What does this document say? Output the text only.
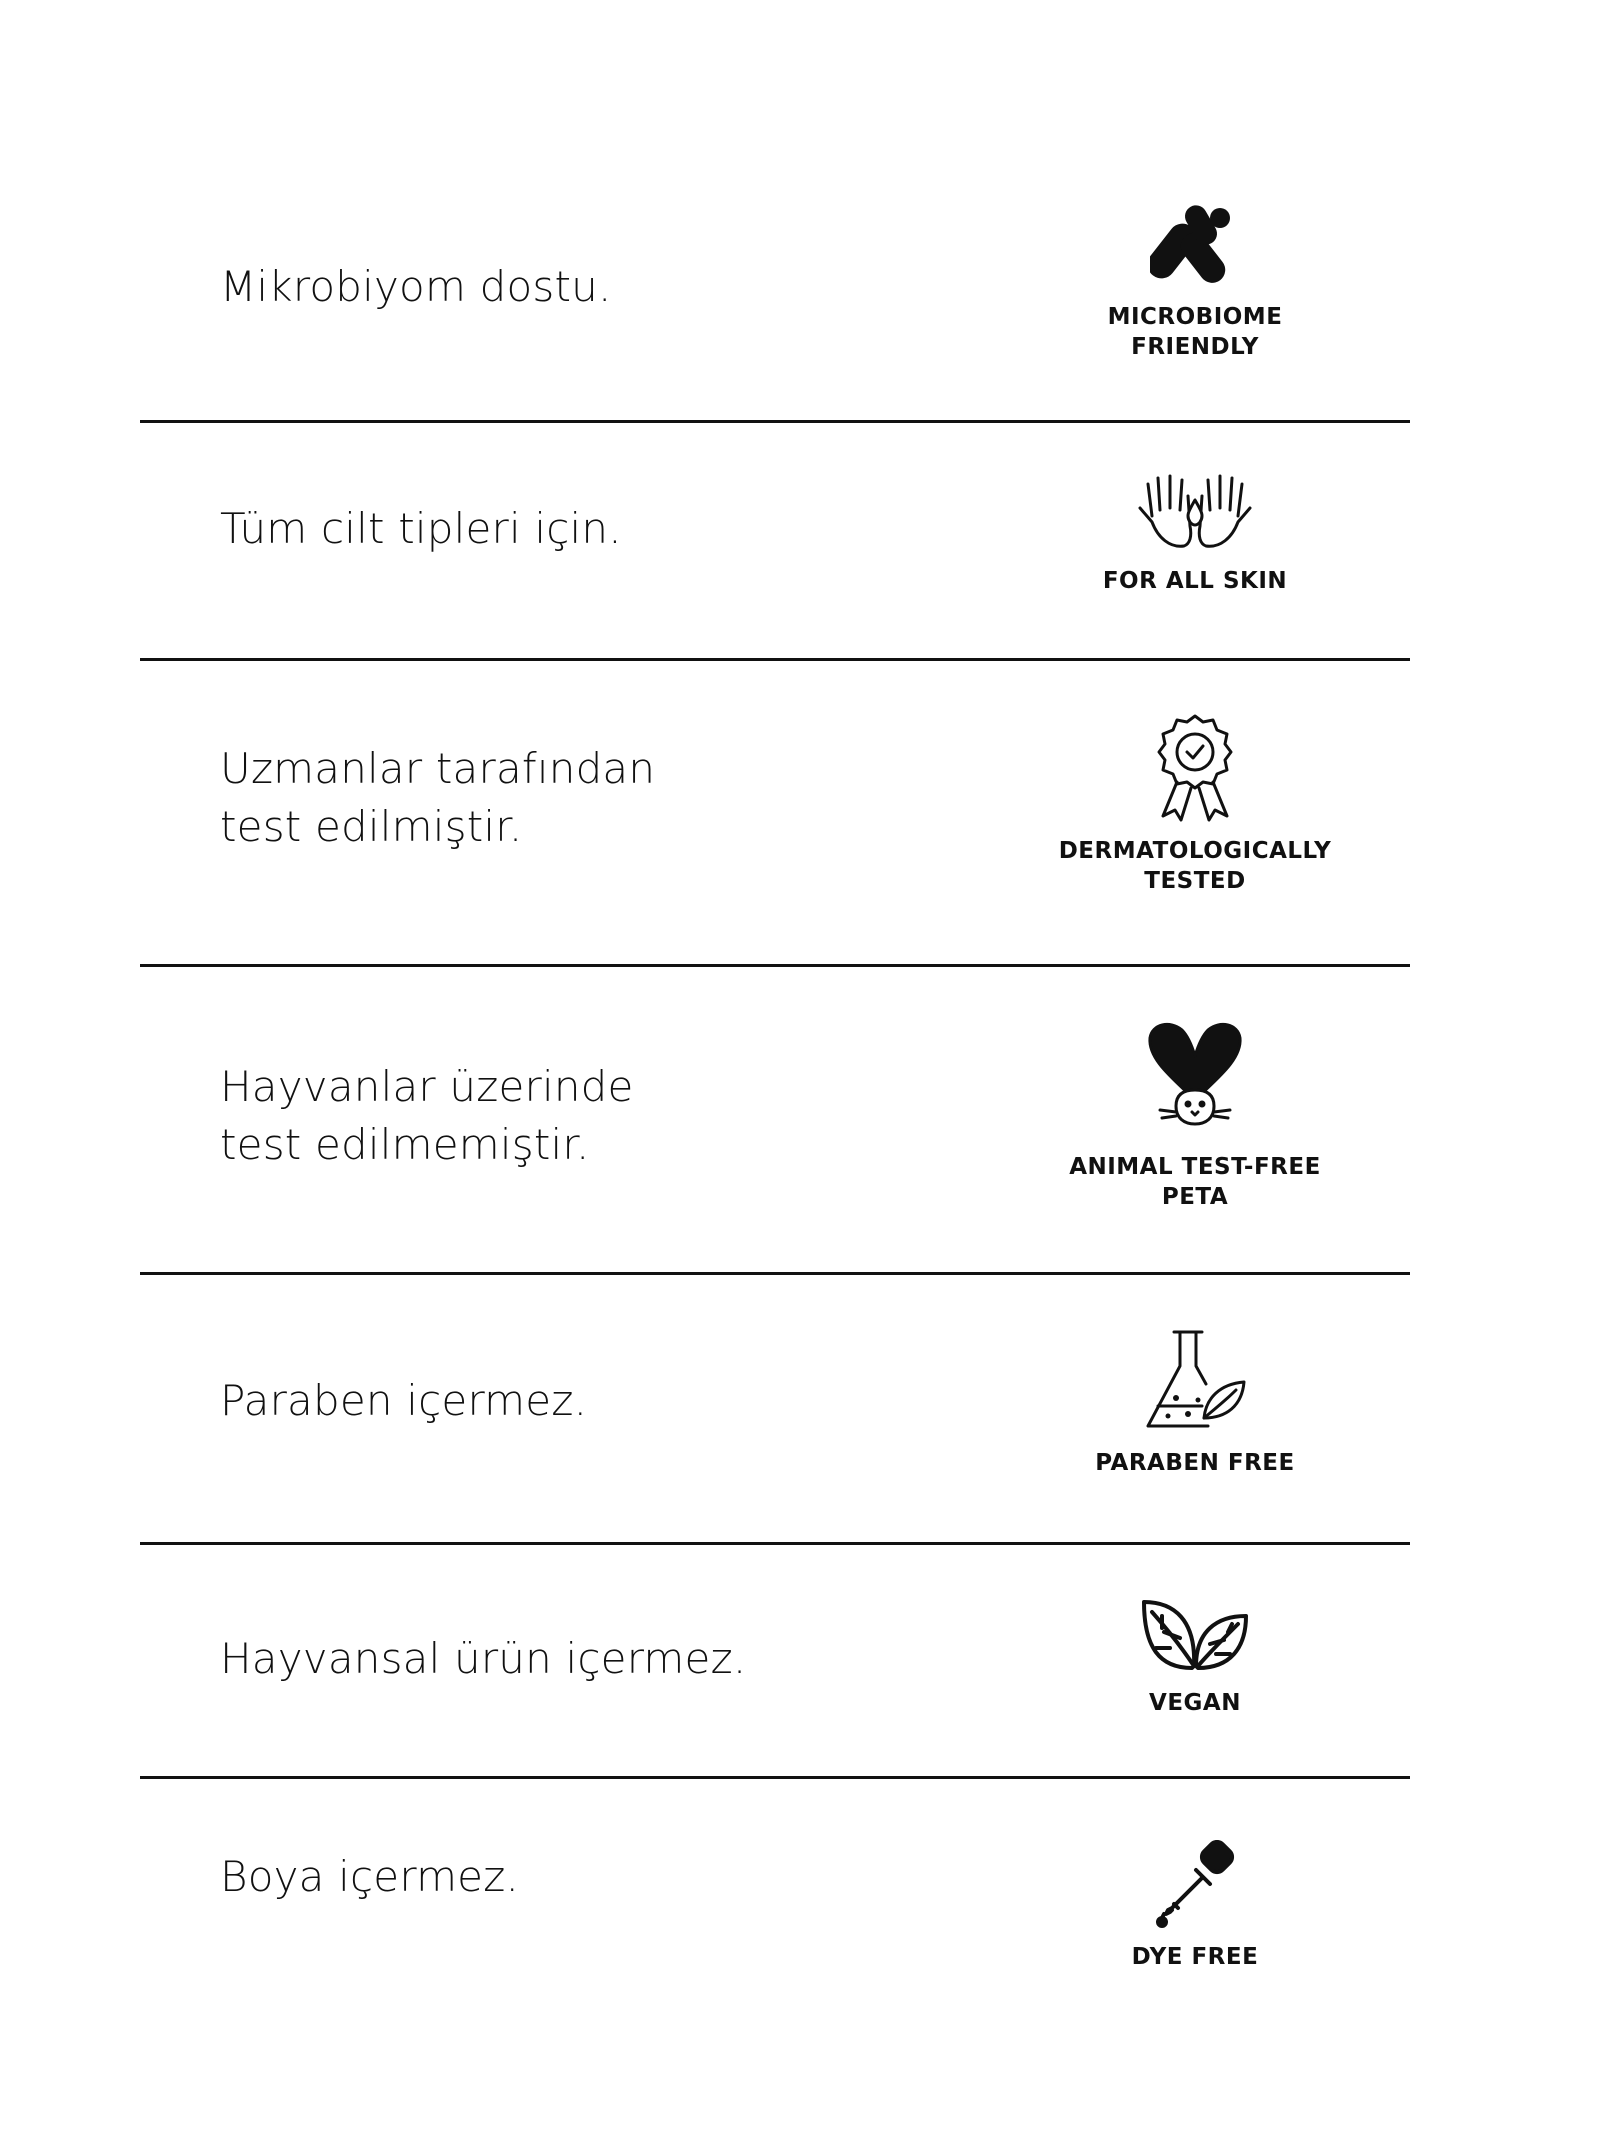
Mikrobiyom dostu.
MICROBIOME
FRIENDLY
Tüm cilt tipleri için.
FOR ALL SKIN
Uzmanlar tarafından
test edilmiştir.	DERMATOLOGICALLY
TESTED
Hayvanlar üzerinde
test edilmemiştir.	ANIMAL TEST-FREE
PETA
Paraben içermez.
PARABEN FREE
Hayvansal ürün içermez.
VEGAN
Boya içermez.
DYE FREE
